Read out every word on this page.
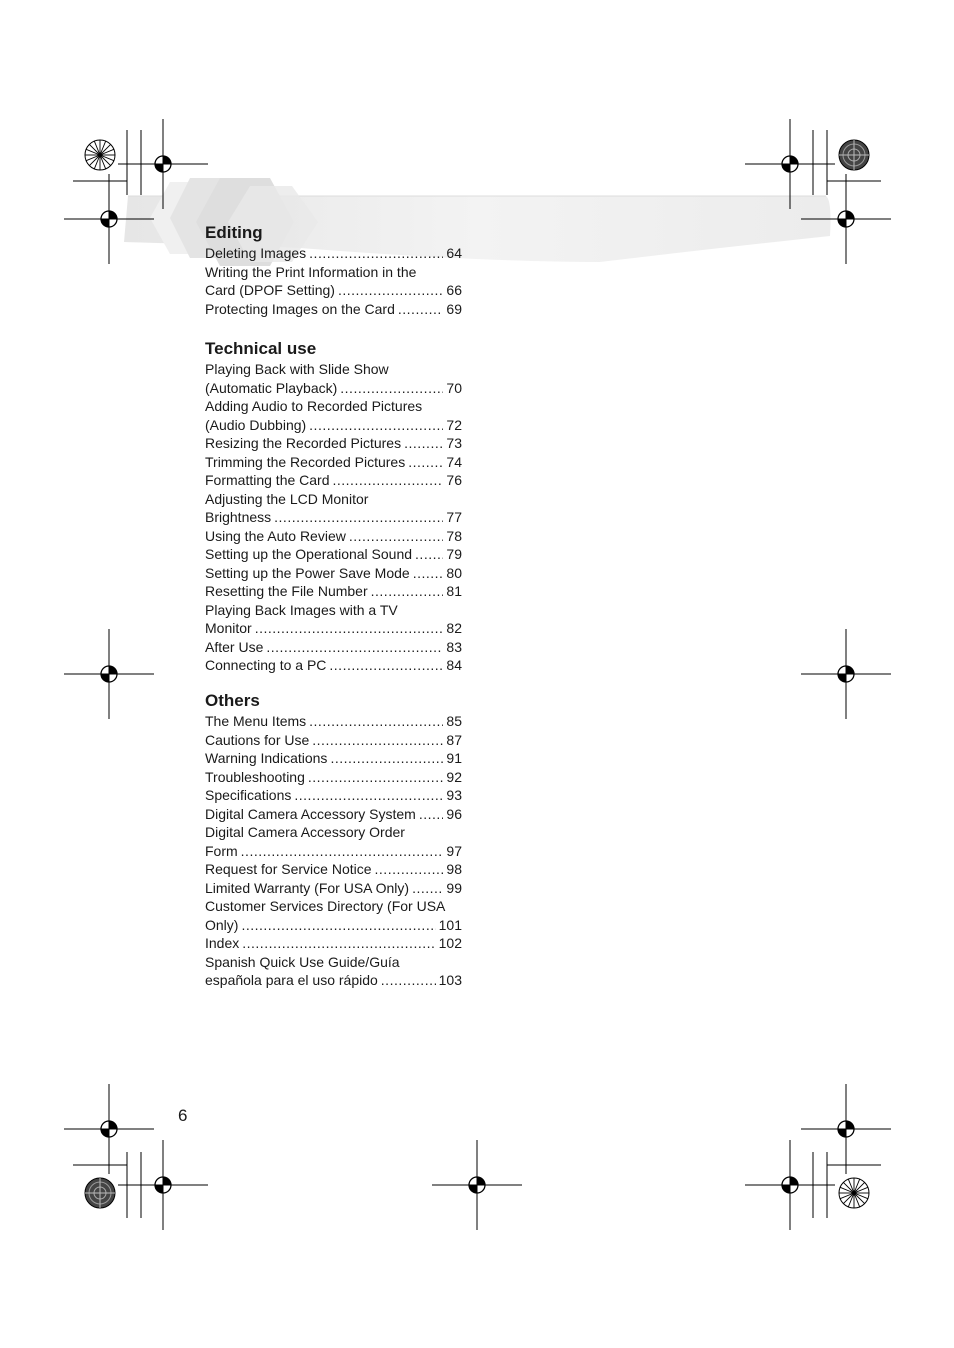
Editing
Deleting Images .....	64
Writing the Print Information in the
Card (DPOF Setting) .....	66
Protecting Images on the Card .....	69
Technical use
Playing Back with Slide Show
(Automatic Playback) .....	70
Adding Audio to Recorded Pictures
(Audio Dubbing) .....	72
Resizing the Recorded Pictures .....	73
Trimming the Recorded Pictures .....	74
Formatting the Card .....	76
Adjusting the LCD Monitor
Brightness .....	77
Using the Auto Review .....	78
Setting up the Operational Sound ..... 79
Setting up the Power Save Mode .....	80
Resetting the File Number .....	81
Playing Back Images with a TV
Monitor .....	82
After Use .....	83
Connecting to a PC .....	84
Others
The Menu Items .....	85
Cautions for Use .....	87
Warning Indications .....	91
Troubleshooting .....	92
Specifications .....	93
Digital Camera Accessory System ..... 96
Digital Camera Accessory Order
Form .....	97
Request for Service Notice .....	98
Limited Warranty (For USA Only) .....	99
Customer Services Directory (For USA
Only) .....	101
Index .....	102
Spanish Quick Use Guide/Guía
española para el uso rápido .....	103
6
